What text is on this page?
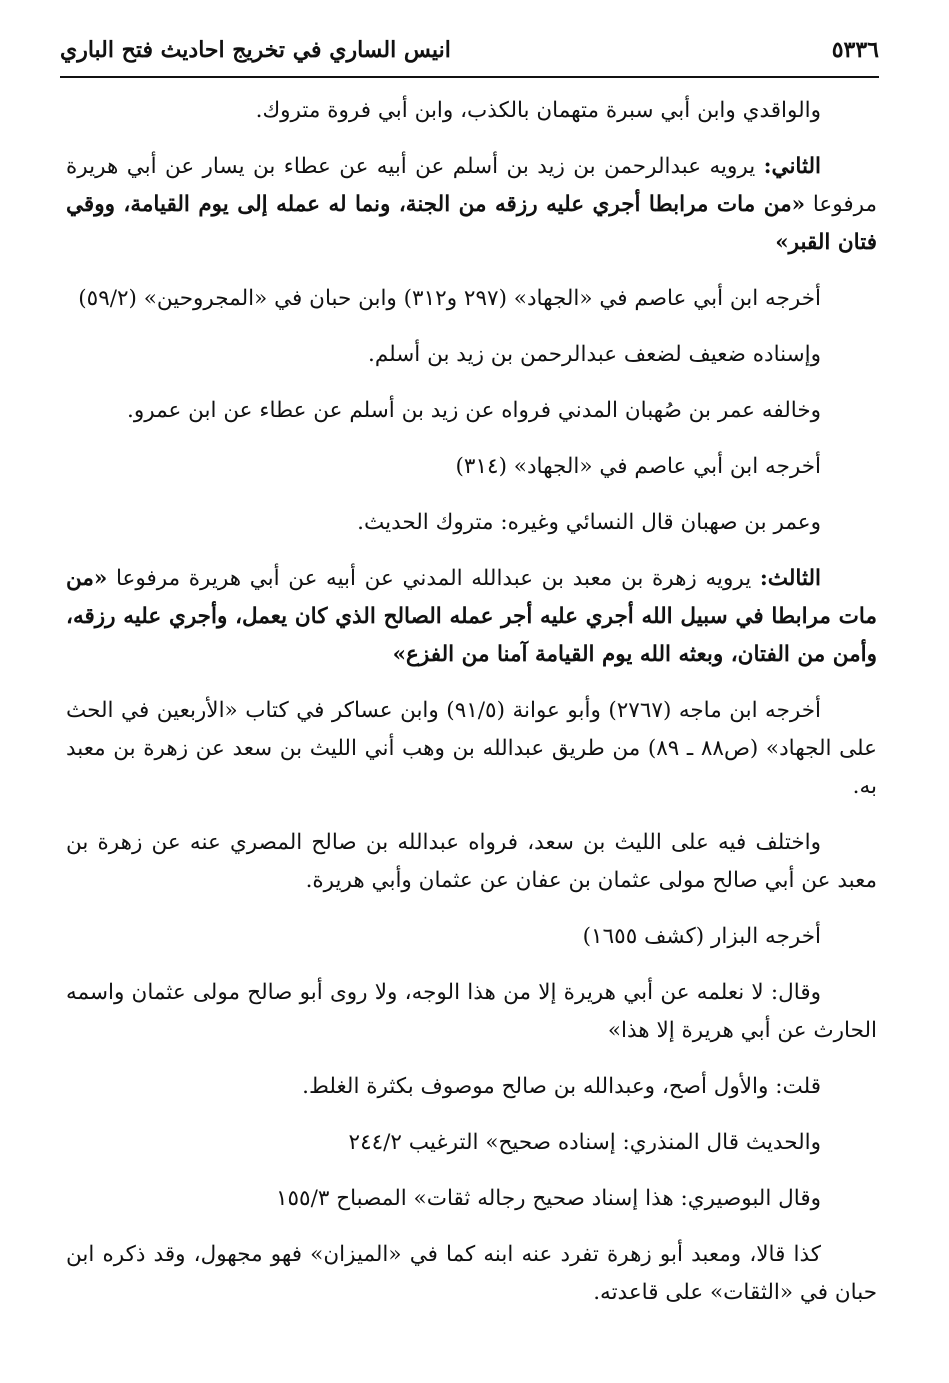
٥٣٣٦
انيس الساري في تخريج احاديث فتح الباري

والواقدي وابن أبي سبرة متهمان بالكذب، وابن أبي فروة متروك.

الثاني: يرويه عبدالرحمن بن زيد بن أسلم عن أبيه عن عطاء بن يسار عن أبي هريرة مرفوعا «من مات مرابطا أجري عليه رزقه من الجنة، ونما له عمله إلى يوم القيامة، ووقي فتان القبر»

أخرجه ابن أبي عاصم في «الجهاد» (٢٩٧ و٣١٢) وابن حبان في «المجروحين» (٥٩/٢)

وإسناده ضعيف لضعف عبدالرحمن بن زيد بن أسلم.

وخالفه عمر بن صُهبان المدني فرواه عن زيد بن أسلم عن عطاء عن ابن عمرو.

أخرجه ابن أبي عاصم في «الجهاد» (٣١٤)

وعمر بن صهبان قال النسائي وغيره: متروك الحديث.

الثالث: يرويه زهرة بن معبد بن عبدالله المدني عن أبيه عن أبي هريرة مرفوعا «من مات مرابطا في سبيل الله أجري عليه أجر عمله الصالح الذي كان يعمل، وأجري عليه رزقه، وأمن من الفتان، وبعثه الله يوم القيامة آمنا من الفزع»

أخرجه ابن ماجه (٢٧٦٧) وأبو عوانة (٩١/٥) وابن عساكر في كتاب «الأربعين في الحث على الجهاد» (ص٨٨ ـ ٨٩) من طريق عبدالله بن وهب أني الليث بن سعد عن زهرة بن معبد به.

واختلف فيه على الليث بن سعد، فرواه عبدالله بن صالح المصري عنه عن زهرة بن معبد عن أبي صالح مولى عثمان بن عفان عن عثمان وأبي هريرة.

أخرجه البزار (كشف ١٦٥٥)

وقال: لا نعلمه عن أبي هريرة إلا من هذا الوجه، ولا روى أبو صالح مولى عثمان واسمه الحارث عن أبي هريرة إلا هذا»

قلت: والأول أصح، وعبدالله بن صالح موصوف بكثرة الغلط.

والحديث قال المنذري: إسناده صحيح» الترغيب ٢٤٤/٢

وقال البوصيري: هذا إسناد صحيح رجاله ثقات» المصباح ١٥٥/٣

كذا قالا، ومعبد أبو زهرة تفرد عنه ابنه كما في «الميزان» فهو مجهول، وقد ذكره ابن حبان في «الثقات» على قاعدته.
